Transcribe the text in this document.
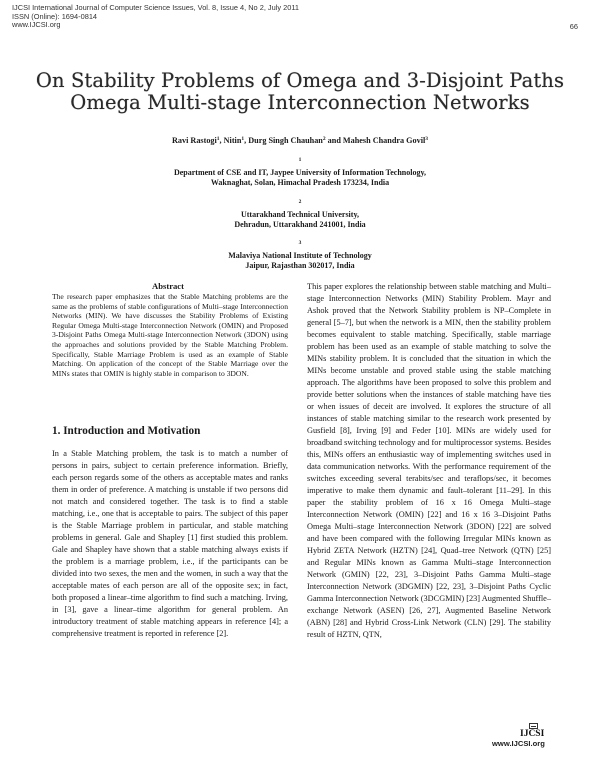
IJCSI International Journal of Computer Science Issues, Vol. 8, Issue 4, No 2, July 2011
ISSN (Online): 1694-0814
www.IJCSI.org	66
On Stability Problems of Omega and 3-Disjoint Paths
Omega Multi-stage Interconnection Networks
Ravi Rastogi$^1$, Nitin$^1$, Durg Singh Chauhan$^2$ and Mahesh Chandra Govil$^3$
$^1$
Department of CSE and IT, Jaypee University of Information Technology,
Waknaghat, Solan, Himachal Pradesh 173234, India
$^2$
Uttarakhand Technical University,
Dehradun, Uttarakhand 241001, India
$^3$
Malaviya National Institute of Technology
Jaipur, Rajasthan 302017, India
Abstract
The research paper emphasizes that the Stable Matching problems are the same as the problems of stable configurations of Multi–stage Interconnection Networks (MIN). We have discusses the Stability Problems of Existing Regular Omega Multi-stage Interconnection Network (OMIN) and Proposed 3-Disjoint Paths Omega Multi-stage Interconnection Network (3DON) using the approaches and solutions provided by the Stable Matching Problem. Specifically, Stable Marriage Problem is used as an example of Stable Matching. On application of the concept of the Stable Marriage over the MINs states that OMIN is highly stable in comparison to 3DON.
1. Introduction and Motivation
In a Stable Matching problem, the task is to match a number of persons in pairs, subject to certain preference information. Briefly, each person regards some of the others as acceptable mates and ranks them in order of preference. A matching is unstable if two persons did not match and considered together. The task is to find a stable matching, i.e., one that is acceptable to pairs. The subject of this paper is the Stable Marriage problem in particular, and stable matching problems in general. Gale and Shapley [1] first studied this problem. Gale and Shapley have shown that a stable matching always exists if the problem is a marriage problem, i.e., if the participants can be divided into two sexes, the men and the women, in such a way that the acceptable mates of each person are all of the opposite sex; in fact, both proposed a linear–time algorithm to find such a matching. Irving, in [3], gave a linear–time algorithm for general problem. An introductory treatment of stable matching appears in reference [4]; a comprehensive treatment is reported in reference [2].
This paper explores the relationship between stable matching and Multi–stage Interconnection Networks (MIN) Stability Problem. Mayr and Ashok proved that the Network Stability problem is NP–Complete in general [5–7], but when the network is a MIN, then the stability problem becomes equivalent to stable matching. Specifically, stable marriage problem has been used as an example of stable matching to solve the MINs stability problem. It is concluded that the situation in which the MINs become unstable and proved stable using the stable matching approach. The algorithms have been proposed to solve this problem and provide better solutions when the instances of stable matching have ties or when issues of deceit are involved. It explores the structure of all instances of stable matching similar to the research work presented by Gusfield [8], Irving [9] and Feder [10]. MINs are widely used for broadband switching technology and for multiprocessor systems. Besides this, MINs offers an enthusiastic way of implementing switches used in data communication networks. With the performance requirement of the switches exceeding several terabits/sec and teraflops/sec, it becomes imperative to make them dynamic and fault–tolerant [11–29]. In this paper the stability problem of 16 x 16 Omega Multi–stage Interconnection Network (OMIN) [22] and 16 x 16 3–Disjoint Paths Omega Multi–stage Interconnection Network (3DON) [22] are solved and have been compared with the following Irregular MINs known as Hybrid ZETA Network (HZTN) [24], Quad–tree Network (QTN) [25] and Regular MINs known as Gamma Multi–stage Interconnection Network (GMIN) [22, 23], 3–Disjoint Paths Gamma Multi–stage Interconnection Network (3DGMIN) [22, 23], 3–Disjoint Paths Cyclic Gamma Interconnection Network (3DCGMIN) [23] Augmented Shuffle–exchange Network (ASEN) [26, 27], Augmented Baseline Network (ABN) [28] and Hybrid Cross-Link Network (CLN) [29]. The stability result of HZTN, QTN,
IJCSI
www.IJCSI.org
